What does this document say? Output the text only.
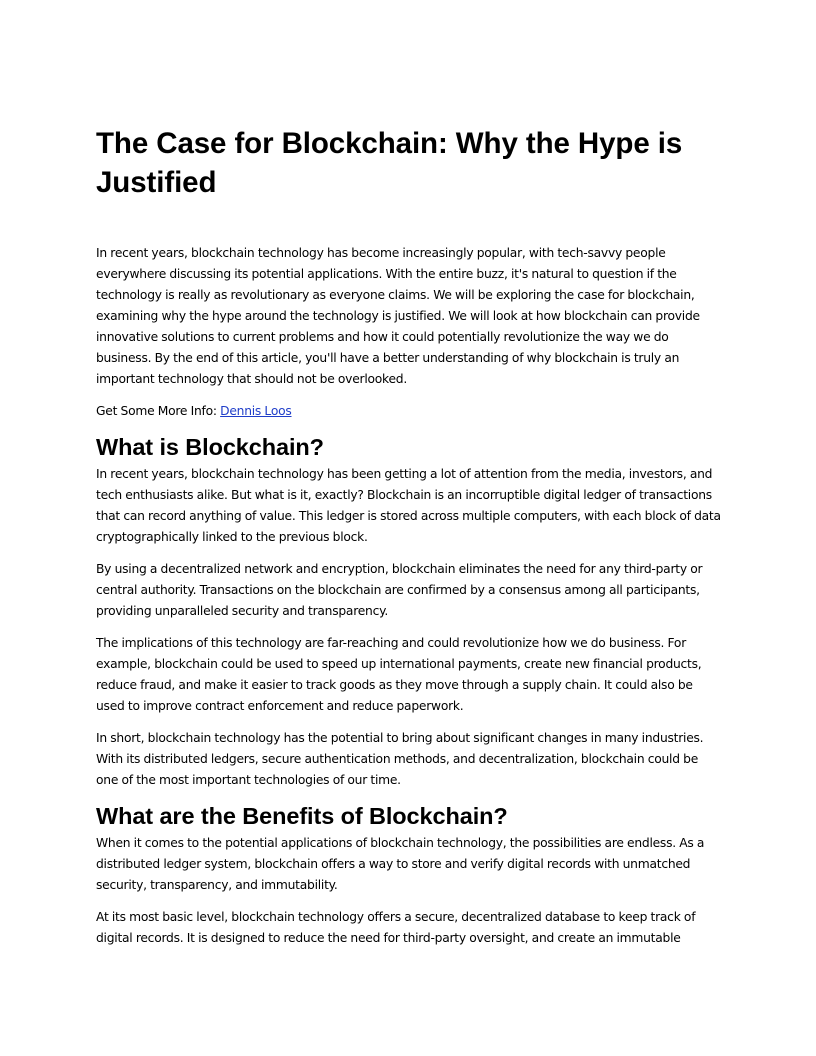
The Case for Blockchain: Why the Hype is Justified

In recent years, blockchain technology has become increasingly popular, with tech-savvy people everywhere discussing its potential applications. With the entire buzz, it's natural to question if the technology is really as revolutionary as everyone claims. We will be exploring the case for blockchain, examining why the hype around the technology is justified. We will look at how blockchain can provide innovative solutions to current problems and how it could potentially revolutionize the way we do business. By the end of this article, you'll have a better understanding of why blockchain is truly an important technology that should not be overlooked.

Get Some More Info: Dennis Loos

What is Blockchain?

In recent years, blockchain technology has been getting a lot of attention from the media, investors, and tech enthusiasts alike. But what is it, exactly? Blockchain is an incorruptible digital ledger of transactions that can record anything of value. This ledger is stored across multiple computers, with each block of data cryptographically linked to the previous block.

By using a decentralized network and encryption, blockchain eliminates the need for any third-party or central authority. Transactions on the blockchain are confirmed by a consensus among all participants, providing unparalleled security and transparency.

The implications of this technology are far-reaching and could revolutionize how we do business. For example, blockchain could be used to speed up international payments, create new financial products, reduce fraud, and make it easier to track goods as they move through a supply chain. It could also be used to improve contract enforcement and reduce paperwork.

In short, blockchain technology has the potential to bring about significant changes in many industries. With its distributed ledgers, secure authentication methods, and decentralization, blockchain could be one of the most important technologies of our time.

What are the Benefits of Blockchain?

When it comes to the potential applications of blockchain technology, the possibilities are endless. As a distributed ledger system, blockchain offers a way to store and verify digital records with unmatched security, transparency, and immutability.

At its most basic level, blockchain technology offers a secure, decentralized database to keep track of digital records. It is designed to reduce the need for third-party oversight, and create an immutable
